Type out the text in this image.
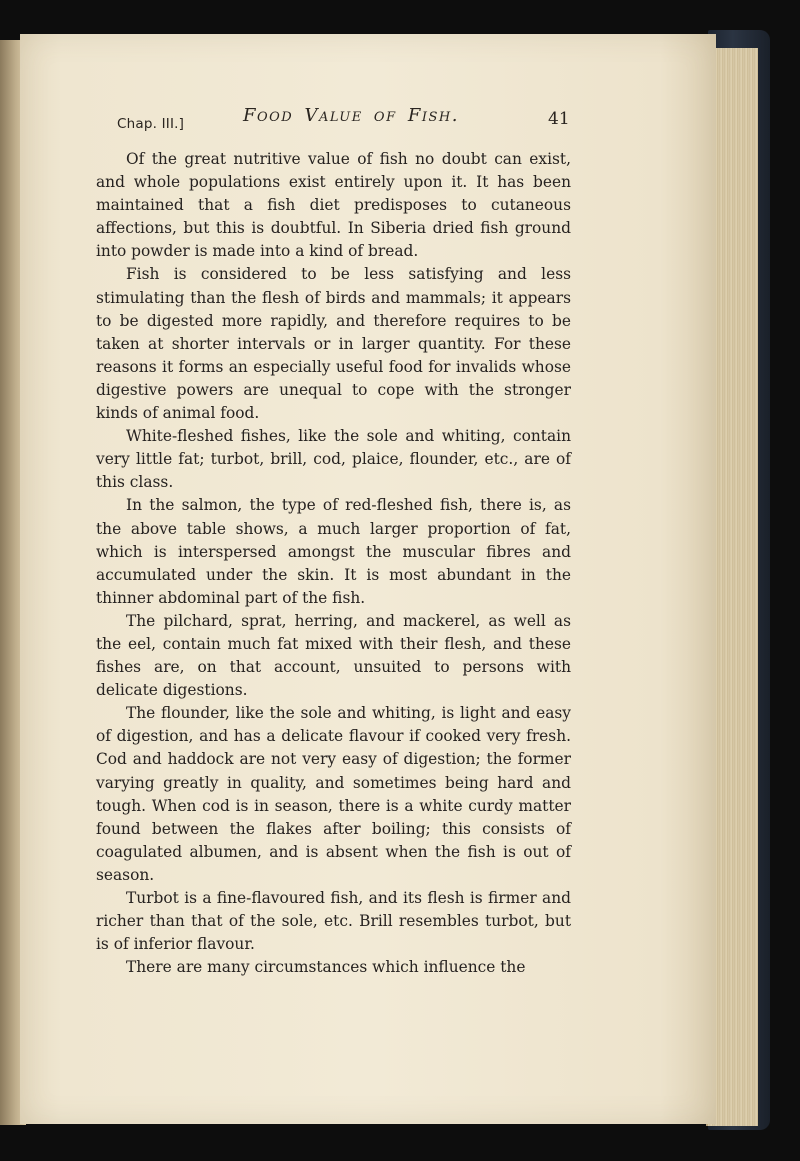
Chap. III.]	Food Value of Fish.	41

Of the great nutritive value of fish no doubt can exist, and whole populations exist entirely upon it. It has been maintained that a fish diet predisposes to cutaneous affections, but this is doubtful. In Siberia dried fish ground into powder is made into a kind of bread.

Fish is considered to be less satisfying and less stimulating than the flesh of birds and mammals; it appears to be digested more rapidly, and therefore requires to be taken at shorter intervals or in larger quantity. For these reasons it forms an especially useful food for invalids whose digestive powers are unequal to cope with the stronger kinds of animal food.

White-fleshed fishes, like the sole and whiting, contain very little fat; turbot, brill, cod, plaice, flounder, etc., are of this class.

In the salmon, the type of red-fleshed fish, there is, as the above table shows, a much larger proportion of fat, which is interspersed amongst the muscular fibres and accumulated under the skin. It is most abundant in the thinner abdominal part of the fish.

The pilchard, sprat, herring, and mackerel, as well as the eel, contain much fat mixed with their flesh, and these fishes are, on that account, unsuited to persons with delicate digestions.

The flounder, like the sole and whiting, is light and easy of digestion, and has a delicate flavour if cooked very fresh. Cod and haddock are not very easy of digestion; the former varying greatly in quality, and sometimes being hard and tough. When cod is in season, there is a white curdy matter found between the flakes after boiling; this consists of coagulated albumen, and is absent when the fish is out of season.

Turbot is a fine-flavoured fish, and its flesh is firmer and richer than that of the sole, etc. Brill resembles turbot, but is of inferior flavour.

There are many circumstances which influence the
